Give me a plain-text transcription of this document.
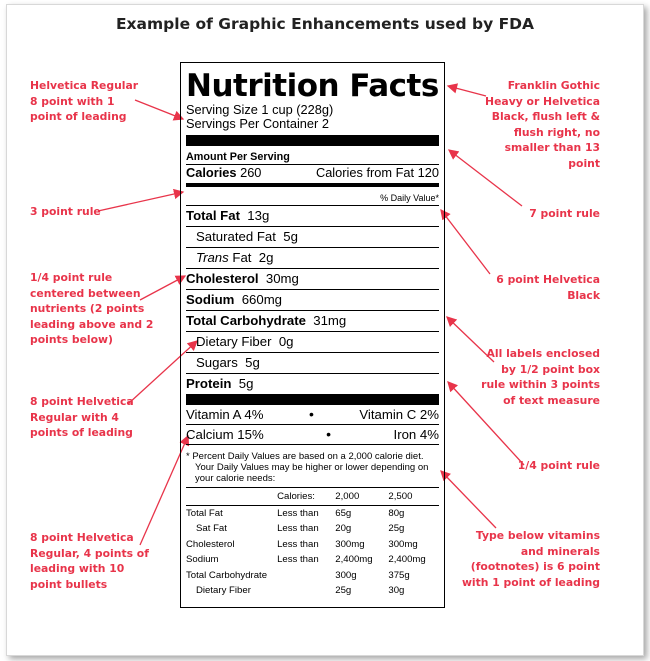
Example of Graphic Enhancements used by FDA
Helvetica Regular 8 point with 1 point of leading
3 point rule
1/4 point rule centered between nutrients (2 points leading above and 2 points below)
8 point Helvetica Regular with 4 points of leading
8 point Helvetica Regular, 4 points of leading with 10 point bullets
Franklin Gothic Heavy or Helvetica Black, flush left & flush right, no smaller than 13 point
7 point rule
6 point Helvetica Black
All labels enclosed by 1/2 point box rule within 3 points of text measure
1/4 point rule
Type below vitamins and minerals (footnotes) is 6 point with 1 point of leading
Nutrition Facts
Serving Size 1 cup (228g)
Servings Per Container 2
Amount Per Serving
Calories 260	Calories from Fat 120
% Daily Value*
Total Fat 13g
Saturated Fat 5g
Trans Fat 2g
Cholesterol 30mg
Sodium 660mg
Total Carbohydrate 31mg
Dietary Fiber 0g
Sugars 5g
Protein 5g
Vitamin A 4%	•	Vitamin C 2%
Calcium 15%	•	Iron 4%
* Percent Daily Values are based on a 2,000 calorie diet. Your Daily Values may be higher or lower depending on your calorie needs:
	Calories:	2,000	2,500
Total Fat	Less than	65g	80g
Sat Fat	Less than	20g	25g
Cholesterol	Less than	300mg	300mg
Sodium	Less than	2,400mg	2,400mg
Total Carbohydrate		300g	375g
Dietary Fiber		25g	30g
